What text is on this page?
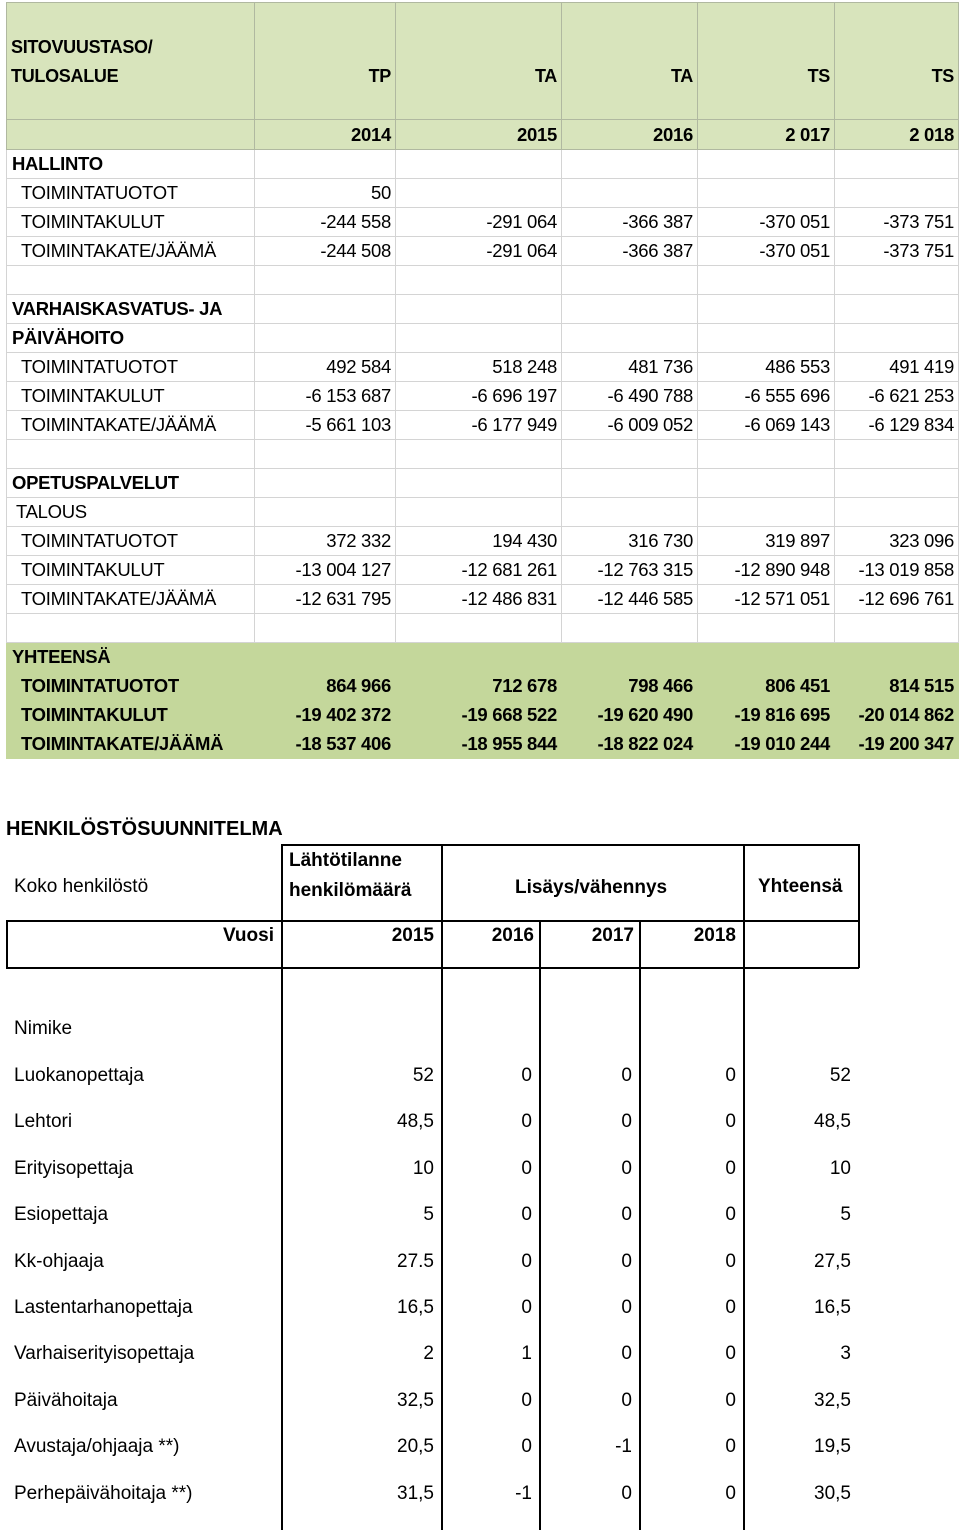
SITOVUUSTASO/
TULOSALUE	TP	TA	TA	TS	TS

	2014	2015	2016	2 017	2 018
HALLINTO					
TOIMINTATUOTOT	50				
TOIMINTAKULUT	-244 558	-291 064	-366 387	-370 051	-373 751
TOIMINTAKATE/JÄÄMÄ	-244 508	-291 064	-366 387	-370 051	-373 751

VARHAISKASVATUS- JA					
PÄIVÄHOITO					
TOIMINTATUOTOT	492 584	518 248	481 736	486 553	491 419
TOIMINTAKULUT	-6 153 687	-6 696 197	-6 490 788	-6 555 696	-6 621 253
TOIMINTAKATE/JÄÄMÄ	-5 661 103	-6 177 949	-6 009 052	-6 069 143	-6 129 834

OPETUSPALVELUT					
TALOUS					
TOIMINTATUOTOT	372 332	194 430	316 730	319 897	323 096
TOIMINTAKULUT	-13 004 127	-12 681 261	-12 763 315	-12 890 948	-13 019 858
TOIMINTAKATE/JÄÄMÄ	-12 631 795	-12 486 831	-12 446 585	-12 571 051	-12 696 761

YHTEENSÄ					
TOIMINTATUOTOT	864 966	712 678	798 466	806 451	814 515
TOIMINTAKULUT	-19 402 372	-19 668 522	-19 620 490	-19 816 695	-20 014 862
TOIMINTAKATE/JÄÄMÄ	-18 537 406	-18 955 844	-18 822 024	-19 010 244	-19 200 347
HENKILÖSTÖSUUNNITELMA
Koko henkilöstö
Lähtötilanne
henkilömäärä	Lisäys/vähennys	Yhteensä
Vuosi	2015	2016	2017	2018
Nimike
Luokanopettaja	52	0	0	0	52
Lehtori	48,5	0	0	0	48,5
Erityisopettaja	10	0	0	0	10
Esiopettaja	5	0	0	0	5
Kk-ohjaaja	27.5	0	0	0	27,5
Lastentarhanopettaja	16,5	0	0	0	16,5
Varhaiserityisopettaja	2	1	0	0	3
Päivähoitaja	32,5	0	0	0	32,5
Avustaja/ohjaaja **)	20,5	0	-1	0	19,5
Perhepäivähoitaja **)	31,5	-1	0	0	30,5
